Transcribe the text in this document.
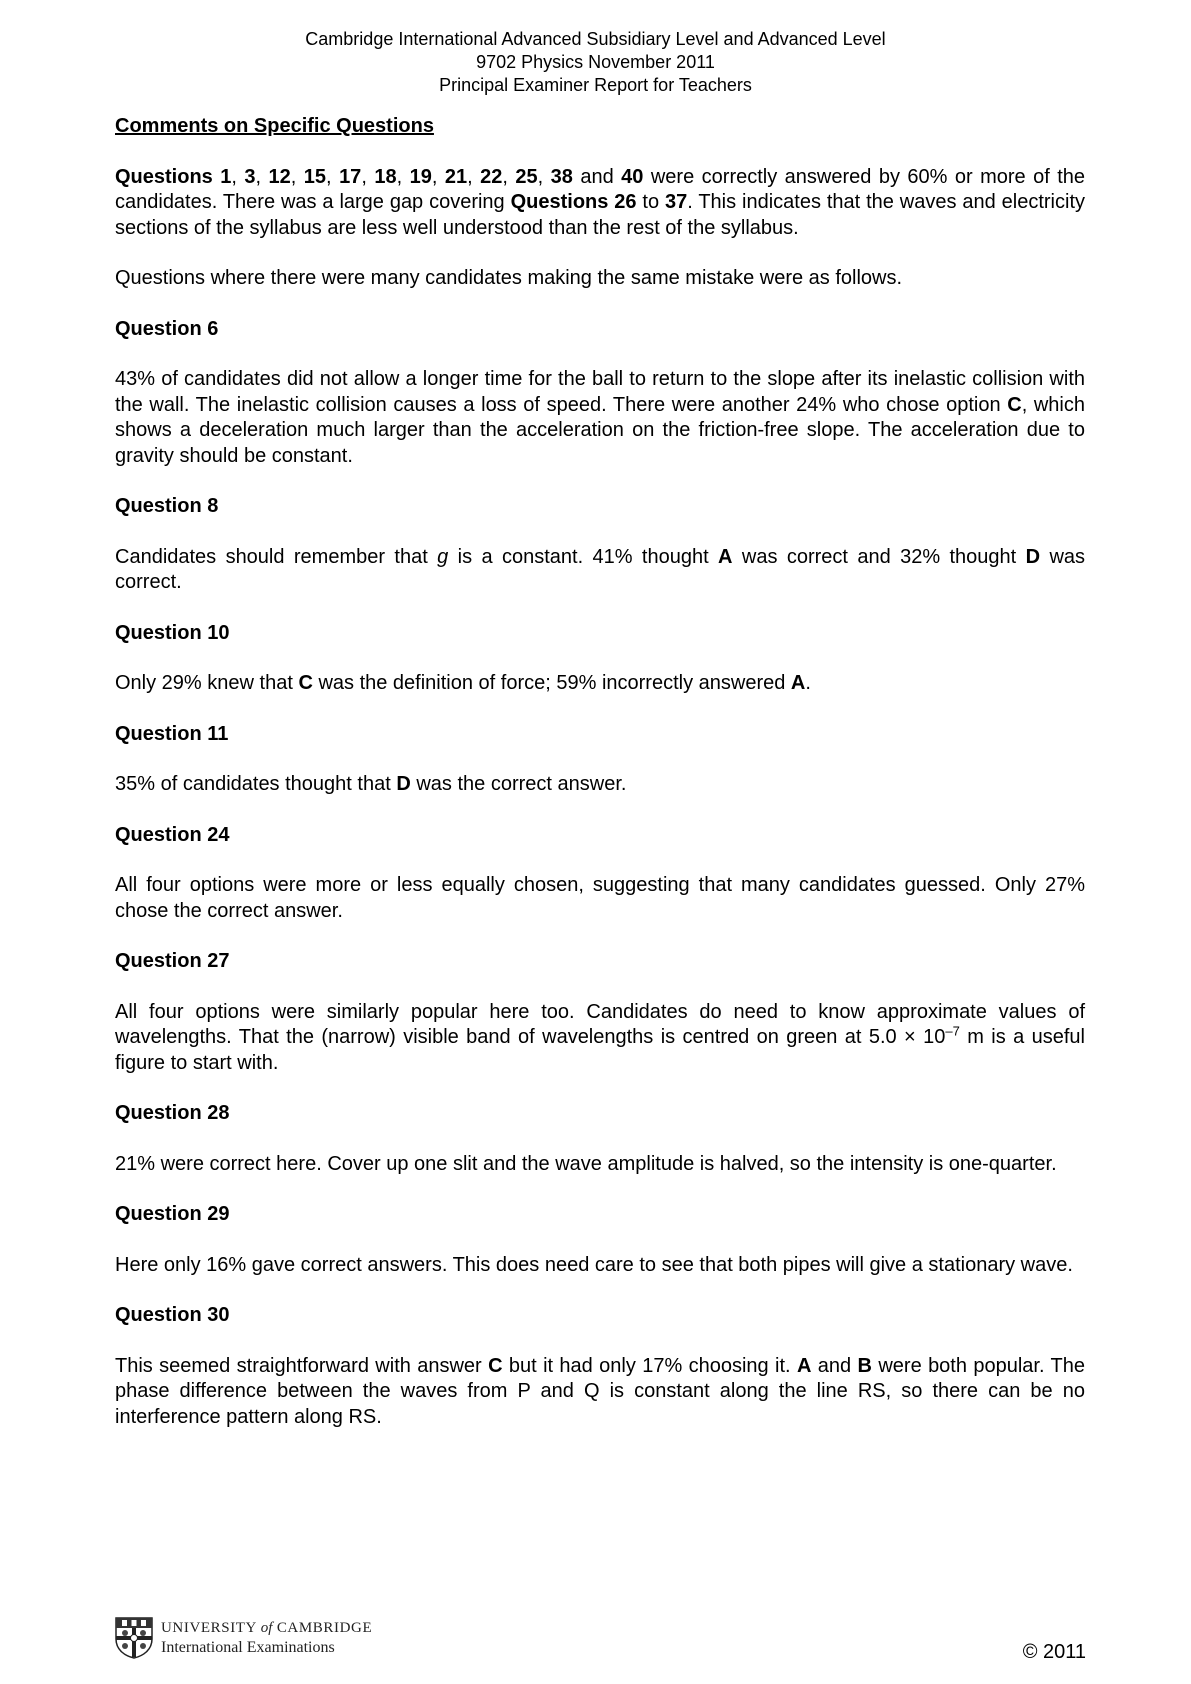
Cambridge International Advanced Subsidiary Level and Advanced Level
9702 Physics November 2011
Principal Examiner Report for Teachers
Comments on Specific Questions

Questions 1, 3, 12, 15, 17, 18, 19, 21, 22, 25, 38 and 40 were correctly answered by 60% or more of the candidates. There was a large gap covering Questions 26 to 37. This indicates that the waves and electricity sections of the syllabus are less well understood than the rest of the syllabus.

Questions where there were many candidates making the same mistake were as follows.

Question 6

43% of candidates did not allow a longer time for the ball to return to the slope after its inelastic collision with the wall. The inelastic collision causes a loss of speed. There were another 24% who chose option C, which shows a deceleration much larger than the acceleration on the friction-free slope. The acceleration due to gravity should be constant.

Question 8

Candidates should remember that g is a constant. 41% thought A was correct and 32% thought D was correct.

Question 10

Only 29% knew that C was the definition of force; 59% incorrectly answered A.

Question 11

35% of candidates thought that D was the correct answer.

Question 24

All four options were more or less equally chosen, suggesting that many candidates guessed. Only 27% chose the correct answer.

Question 27

All four options were similarly popular here too. Candidates do need to know approximate values of wavelengths. That the (narrow) visible band of wavelengths is centred on green at $5.0 \times 10^{-7}$ m is a useful figure to start with.

Question 28

21% were correct here. Cover up one slit and the wave amplitude is halved, so the intensity is one-quarter.

Question 29

Here only 16% gave correct answers. This does need care to see that both pipes will give a stationary wave.

Question 30

This seemed straightforward with answer C but it had only 17% choosing it. A and B were both popular. The phase difference between the waves from P and Q is constant along the line RS, so there can be no interference pattern along RS.

UNIVERSITY of CAMBRIDGE
International Examinations	© 2011
